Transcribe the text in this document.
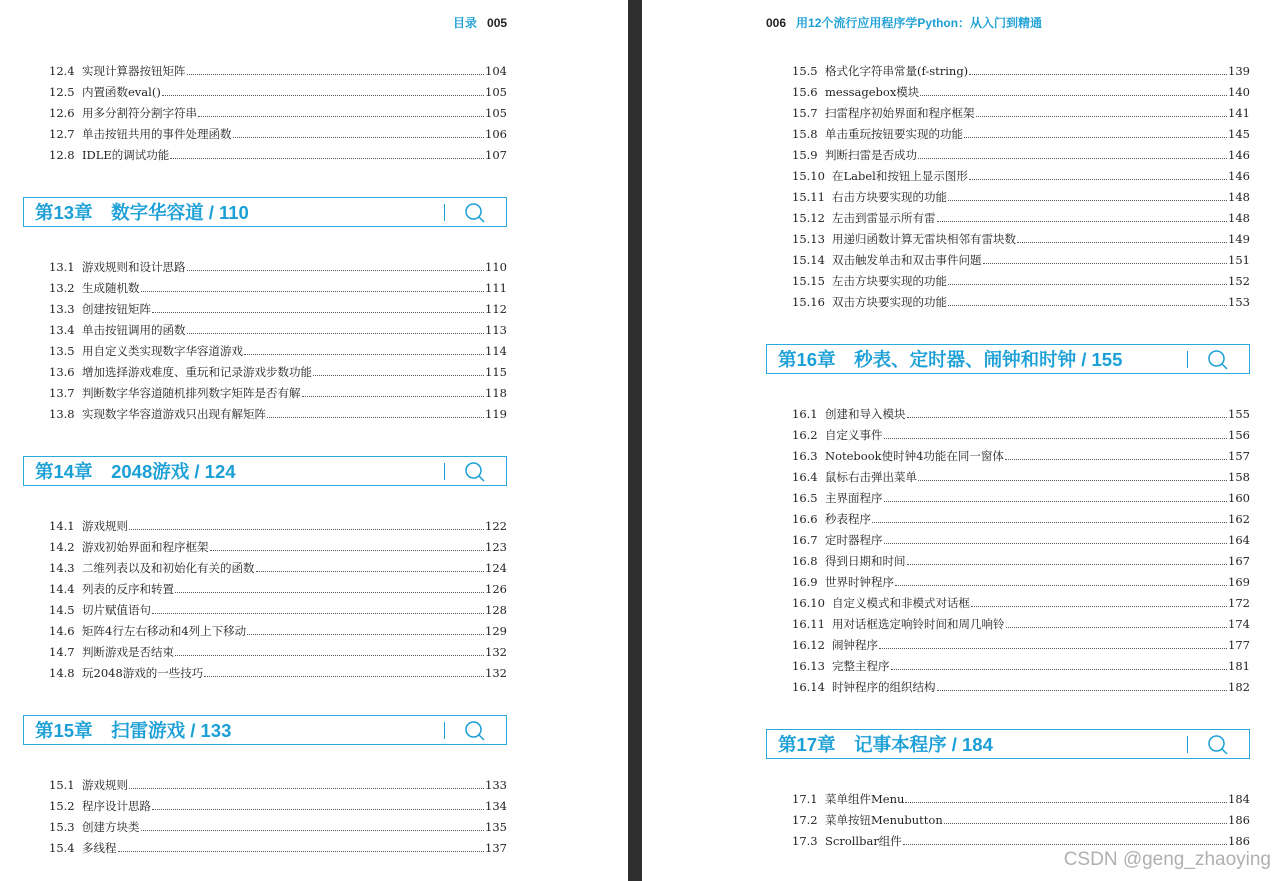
目录 005
12.4 实现计算器按钮矩阵	104
12.5 内置函数eval()	105
12.6 用多分割符分割字符串	105
12.7 单击按钮共用的事件处理函数	106
12.8 IDLE的调试功能	107
第13章　数字华容道 / 110
13.1 游戏规则和设计思路	110
13.2 生成随机数	111
13.3 创建按钮矩阵	112
13.4 单击按钮调用的函数	113
13.5 用自定义类实现数字华容道游戏	114
13.6 增加选择游戏难度、重玩和记录游戏步数功能	115
13.7 判断数字华容道随机排列数字矩阵是否有解	118
13.8 实现数字华容道游戏只出现有解矩阵	119
第14章　2048游戏 / 124
14.1 游戏规则	122
14.2 游戏初始界面和程序框架	123
14.3 二维列表以及和初始化有关的函数	124
14.4 列表的反序和转置	126
14.5 切片赋值语句	128
14.6 矩阵4行左右移动和4列上下移动	129
14.7 判断游戏是否结束	132
14.8 玩2048游戏的一些技巧	132
第15章　扫雷游戏 / 133
15.1 游戏规则	133
15.2 程序设计思路	134
15.3 创建方块类	135
15.4 多线程	137
006 用12个流行应用程序学Python：从入门到精通
15.5 格式化字符串常量(f-string)	139
15.6 messagebox模块	140
15.7 扫雷程序初始界面和程序框架	141
15.8 单击重玩按钮要实现的功能	145
15.9 判断扫雷是否成功	146
15.10 在Label和按钮上显示图形	146
15.11 右击方块要实现的功能	148
15.12 左击到雷显示所有雷	148
15.13 用递归函数计算无雷块相邻有雷块数	149
15.14 双击触发单击和双击事件问题	151
15.15 左击方块要实现的功能	152
15.16 双击方块要实现的功能	153
第16章　秒表、定时器、闹钟和时钟 / 155
16.1 创建和导入模块	155
16.2 自定义事件	156
16.3 Notebook使时钟4功能在同一窗体	157
16.4 鼠标右击弹出菜单	158
16.5 主界面程序	160
16.6 秒表程序	162
16.7 定时器程序	164
16.8 得到日期和时间	167
16.9 世界时钟程序	169
16.10 自定义模式和非模式对话框	172
16.11 用对话框选定响铃时间和周几响铃	174
16.12 闹钟程序	177
16.13 完整主程序	181
16.14 时钟程序的组织结构	182
第17章　记事本程序 / 184
17.1 菜单组件Menu	184
17.2 菜单按钮Menubutton	186
17.3 Scrollbar组件	186
CSDN @geng_zhaoying
